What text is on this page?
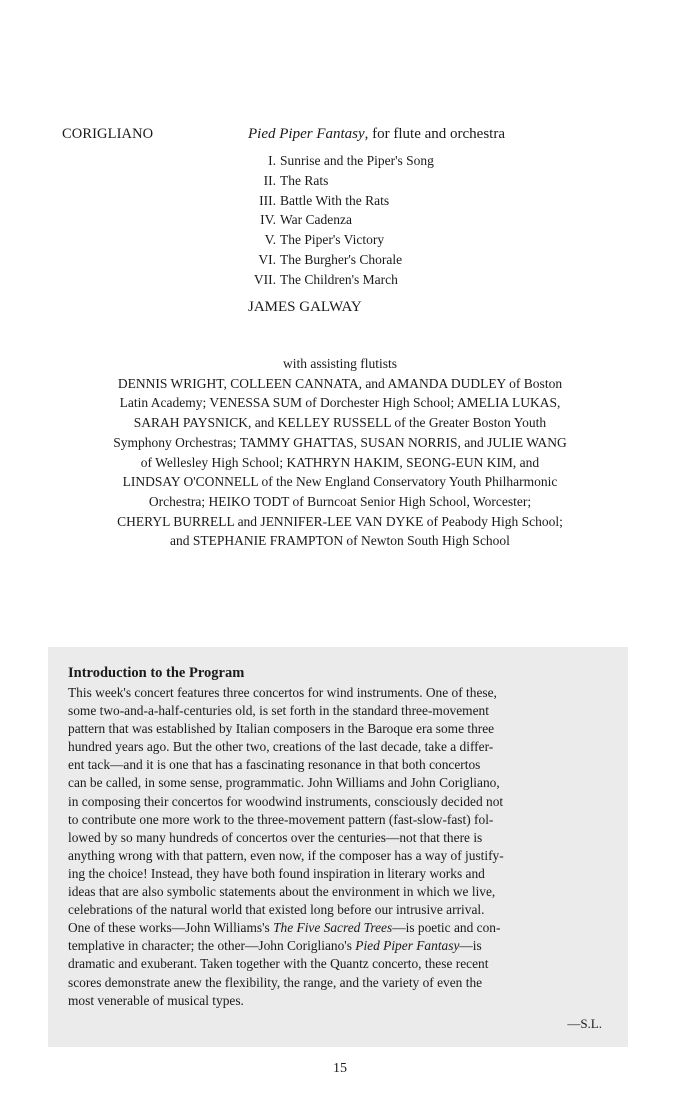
CORIGLIANO	Pied Piper Fantasy, for flute and orchestra
I. Sunrise and the Piper's Song
II. The Rats
III. Battle With the Rats
IV. War Cadenza
V. The Piper's Victory
VI. The Burgher's Chorale
VII. The Children's March
JAMES GALWAY
with assisting flutists
DENNIS WRIGHT, COLLEEN CANNATA, and AMANDA DUDLEY of Boston
Latin Academy; VENESSA SUM of Dorchester High School; AMELIA LUKAS,
SARAH PAYSNICK, and KELLEY RUSSELL of the Greater Boston Youth
Symphony Orchestras; TAMMY GHATTAS, SUSAN NORRIS, and JULIE WANG
of Wellesley High School; KATHRYN HAKIM, SEONG-EUN KIM, and
LINDSAY O'CONNELL of the New England Conservatory Youth Philharmonic
Orchestra; HEIKO TODT of Burncoat Senior High School, Worcester;
CHERYL BURRELL and JENNIFER-LEE VAN DYKE of Peabody High School;
and STEPHANIE FRAMPTON of Newton South High School
Introduction to the Program
This week's concert features three concertos for wind instruments. One of these,
some two-and-a-half-centuries old, is set forth in the standard three-movement
pattern that was established by Italian composers in the Baroque era some three
hundred years ago. But the other two, creations of the last decade, take a differ-
ent tack—and it is one that has a fascinating resonance in that both concertos
can be called, in some sense, programmatic. John Williams and John Corigliano,
in composing their concertos for woodwind instruments, consciously decided not
to contribute one more work to the three-movement pattern (fast-slow-fast) fol-
lowed by so many hundreds of concertos over the centuries—not that there is
anything wrong with that pattern, even now, if the composer has a way of justify-
ing the choice! Instead, they have both found inspiration in literary works and
ideas that are also symbolic statements about the environment in which we live,
celebrations of the natural world that existed long before our intrusive arrival.
One of these works—John Williams's The Five Sacred Trees—is poetic and con-
templative in character; the other—John Corigliano's Pied Piper Fantasy—is
dramatic and exuberant. Taken together with the Quantz concerto, these recent
scores demonstrate anew the flexibility, the range, and the variety of even the
most venerable of musical types.
—S.L.
15
